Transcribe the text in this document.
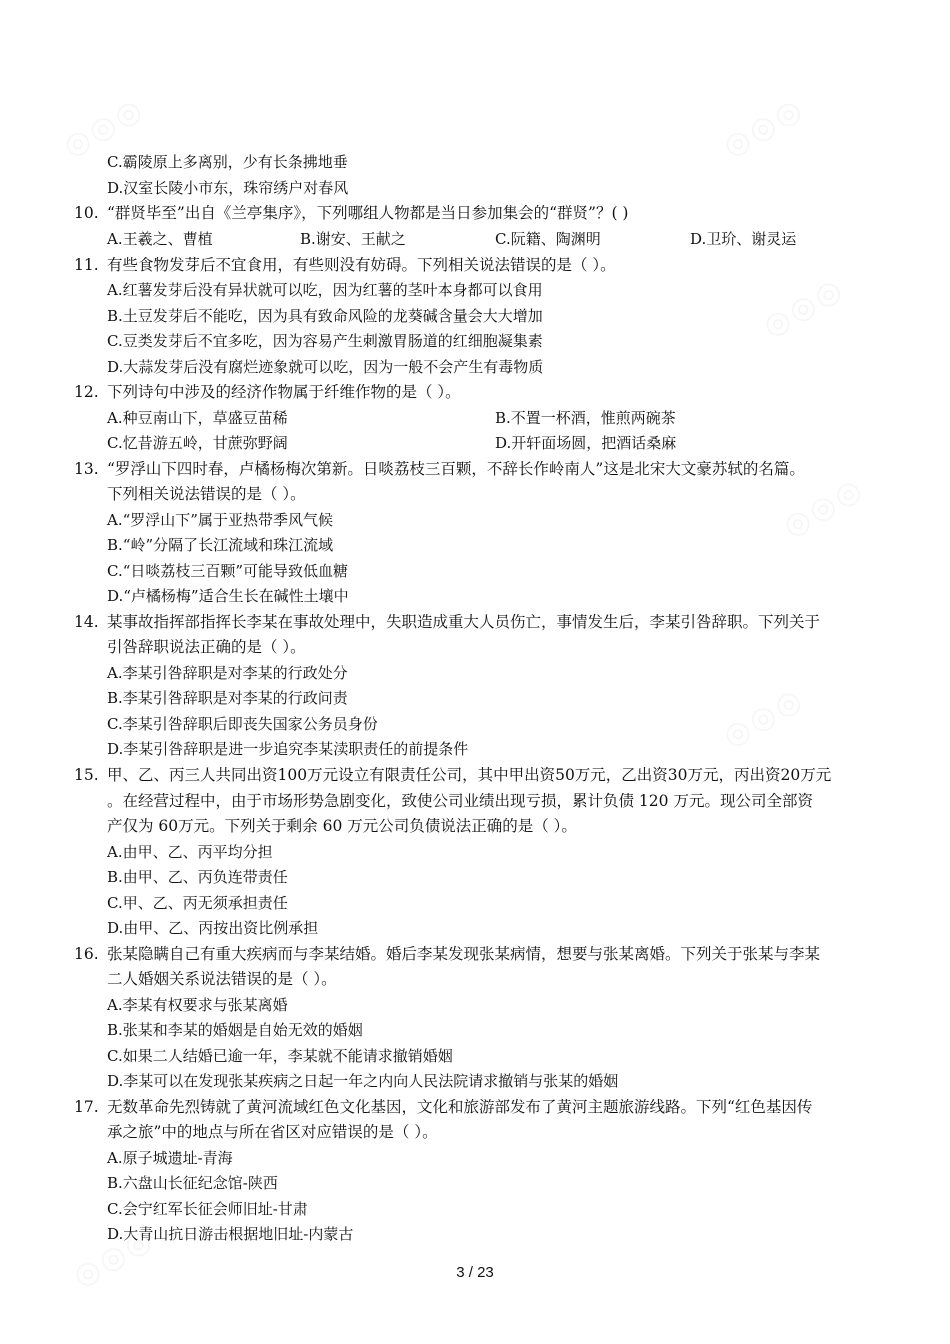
◎◎◎	◎◎◎
◎◎◎
◎◎◎
◎◎◎
◎◎◎
C.霸陵原上多离别，少有长条拂地垂
D.汉室长陵小市东，珠帘绣户对春风
10. “群贤毕至”出自《兰亭集序》，下列哪组人物都是当日参加集会的“群贤”？( )
A.王羲之、曹植	B.谢安、王献之	C.阮籍、陶渊明	D.卫玠、谢灵运
11. 有些食物发芽后不宜食用，有些则没有妨碍。下列相关说法错误的是（ ）。
A.红薯发芽后没有异状就可以吃，因为红薯的茎叶本身都可以食用
B.土豆发芽后不能吃，因为具有致命风险的龙葵碱含量会大大增加
C.豆类发芽后不宜多吃，因为容易产生刺激胃肠道的红细胞凝集素
D.大蒜发芽后没有腐烂迹象就可以吃，因为一般不会产生有毒物质
12. 下列诗句中涉及的经济作物属于纤维作物的是（ ）。
A.种豆南山下，草盛豆苗稀	B.不置一杯酒，惟煎两碗茶
C.忆昔游五岭，甘蔗弥野阔	D.开轩面场圆，把酒话桑麻
13. “罗浮山下四时春，卢橘杨梅次第新。日啖荔枝三百颗，不辞长作岭南人”这是北宋大文豪苏轼的名篇。
下列相关说法错误的是（ ）。
A.“罗浮山下”属于亚热带季风气候
B.“岭”分隔了长江流域和珠江流域
C.“日啖荔枝三百颗”可能导致低血糖
D.“卢橘杨梅”适合生长在碱性土壤中
14. 某事故指挥部指挥长李某在事故处理中，失职造成重大人员伤亡，事情发生后，李某引咎辞职。下列关于
引咎辞职说法正确的是（ ）。
A.李某引咎辞职是对李某的行政处分
B.李某引咎辞职是对李某的行政问责
C.李某引咎辞职后即丧失国家公务员身份
D.李某引咎辞职是进一步追究李某渎职责任的前提条件
15. 甲、乙、丙三人共同出资100万元设立有限责任公司，其中甲出资50万元，乙出资30万元，丙出资20万元
。在经营过程中，由于市场形势急剧变化，致使公司业绩出现亏损，累计负债 120 万元。现公司全部资
产仅为 60万元。下列关于剩余 60 万元公司负债说法正确的是（ ）。
A.由甲、乙、丙平均分担
B.由甲、乙、丙负连带责任
C.甲、乙、丙无须承担责任
D.由甲、乙、丙按出资比例承担
16. 张某隐瞒自己有重大疾病而与李某结婚。婚后李某发现张某病情，想要与张某离婚。下列关于张某与李某
二人婚姻关系说法错误的是（ ）。
A.李某有权要求与张某离婚
B.张某和李某的婚姻是自始无效的婚姻
C.如果二人结婚已逾一年，李某就不能请求撤销婚姻
D.李某可以在发现张某疾病之日起一年之内向人民法院请求撤销与张某的婚姻
17. 无数革命先烈铸就了黄河流域红色文化基因，文化和旅游部发布了黄河主题旅游线路。下列“红色基因传
承之旅”中的地点与所在省区对应错误的是（ ）。
A.原子城遗址-青海
B.六盘山长征纪念馆-陕西
C.会宁红军长征会师旧址-甘肃
D.大青山抗日游击根据地旧址-内蒙古
3 / 23
